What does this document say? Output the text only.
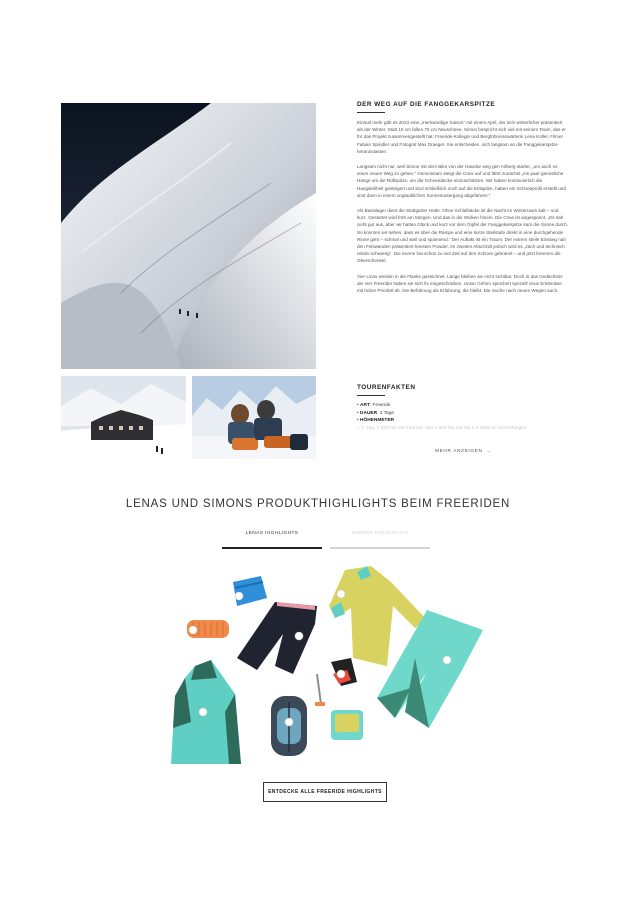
DER WEG AUF DIE FANGGEKARSPITZE

Einmal mehr gibt es 2023 eine „merkwürdige Saison“ mit einem April, der sich winterlicher präsentiert als der Winter. Statt 10 cm fallen 75 cm Neuschnee. Simon bespricht sich viel mit seinem Team, das er für das Projekt zusammengestellt hat: Freeride-Kollegin und Bergführeranwärterin Lena Koller, Filmer Fabian Spindler und Fotograf Max Draeger. Sie entscheiden, sich langsam an die Fanggekarspitze heranzutasten.

Langsam nicht nur, weil Simon mit dem Bike von der Haustür weg gen Arlberg startet, „um auch so einen neuen Weg zu gehen.“ Gemeinsam steigt die Crew auf und fährt zunächst „ein paar gemütliche Hänge um die Rüfispitze, um die Schneedecke einzuschätzen. Wir haben kontinuierlich die Hangsteilheit gesteigert und sind schließlich noch auf die Erlispitze, haben ein Schneeprofil erstellt und sind dann in einem unglaublichen Sonnenuntergang abgefahren.“

Als Basislager dient die Stuttgarter Hütte. Ohne Schlafsäcke ist die Nacht im Winterraum kalt – und kurz. Gestartet wird früh am Morgen. Und das in die Wolken hinein. Die Crew ist angespannt. „Es sah nicht gut aus, aber wir hatten Glück und kurz vor dem Gipfel der Fanggekarspitze kam die Sonne durch. So konnten wir sehen, dass es über die Rampe und eine kurze Steilstufe direkt in eine durchgehende Rinne geht – schmal und steil und spannend.“ Der Auftakt ist ein Traum. Der extrem steile Einstieg nah den Felswänden präsentiert feinsten Powder. Im zweiten Abschnitt jedoch wird es „zäch und technisch relativ schwierig“. Die Sonne hat schon zu viel Zeit auf den Schnee gebrannt – und jetzt brennen die Oberschenkel.

Vier Linos werden in die Flanke gezeichnet. Länge bleiben sie nicht sichtbar. Doch in das Gedächtnis der vier Freerider haben sie sich fix eingeschrieben. Unser Gehirn speichert speziell neue Erlebnisse mit hoher Priorität ab. Die Befahrung als Erfahrung, die bleibt. Die Suche nach neuen Wegen auch.

TOURENFAKTEN
• ART: Freeride
• DAUER: 2 Tage
• HÖHENMETER
– 1. Tag: 1.200 hm mit Fahrrad, den 1.900 hm mit Ski 1.3 2000 m Verbindungen
MEHR ANZEIGEN ⌄
LENAS UND SIMONS PRODUKTHIGHLIGHTS BEIM FREERIDEN
LENAS HIGHLIGHTS	SIMONS HIGHLIGHTS
ENTDECKE ALLE FREERIDE HIGHLIGHTS
